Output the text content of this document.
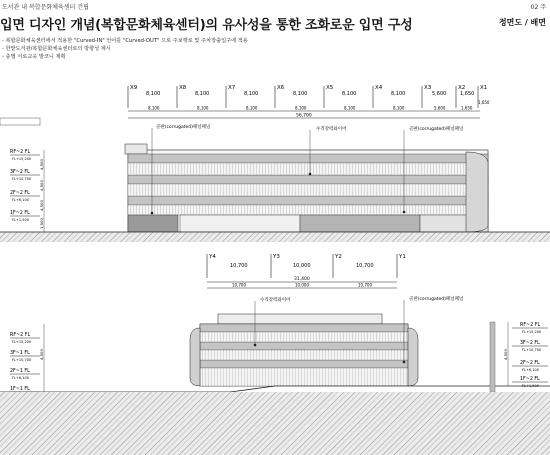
도서관 내 복합문화체육센터 건립	02 주
입면 디자인 개념(복합문화체육센터)의 유사성을 통한 조화로운 입면 구성	정면도 / 배면
- 복합문화체육센터에서 적용한 "Curved-IN" 언어를 "Curved-OUT" 으로 주보행로 및 주차장출입구에 적용
- 한밭도서관/복합문화체육센터로의 방향성 제시
- 층별 서로교욱 발코니 계획
X9	X8	X7	X6	X5	X4	X3	X2	X1
8,100	8,100	8,100	8,100	8,100	8,100	5,600	1,650
8,100	8,100	8,100	8,100	8,100	8,100	5,600	1,650
56,700
1,650
골판(corrugated)패널패널	수직강력와이어	골판(corrugated)패널패널
RF~2 FL
FL+15,200
3F~2 FL
FL+10,700
2F~2 FL
FL+6,100
1F~2 FL
FL+1,500
4,500
4,500
4,500
1,500
Y4	Y3	Y2	Y1
10,700	10,000	10,700
31,400
10,700	10,000	10,700
수직강력와이어	골판(corrugated)패널패널
RF~2 FL
FL+15,200
3F~1 FL
FL+10,700
2F~1 FL
FL+6,100
1F~1 FL
4,500
RF~2 FL
FL+15,200
3F~2 FL
FL+10,700
2F~2 FL
FL+6,100
1F~2 FL
FL+1,500
4,500
